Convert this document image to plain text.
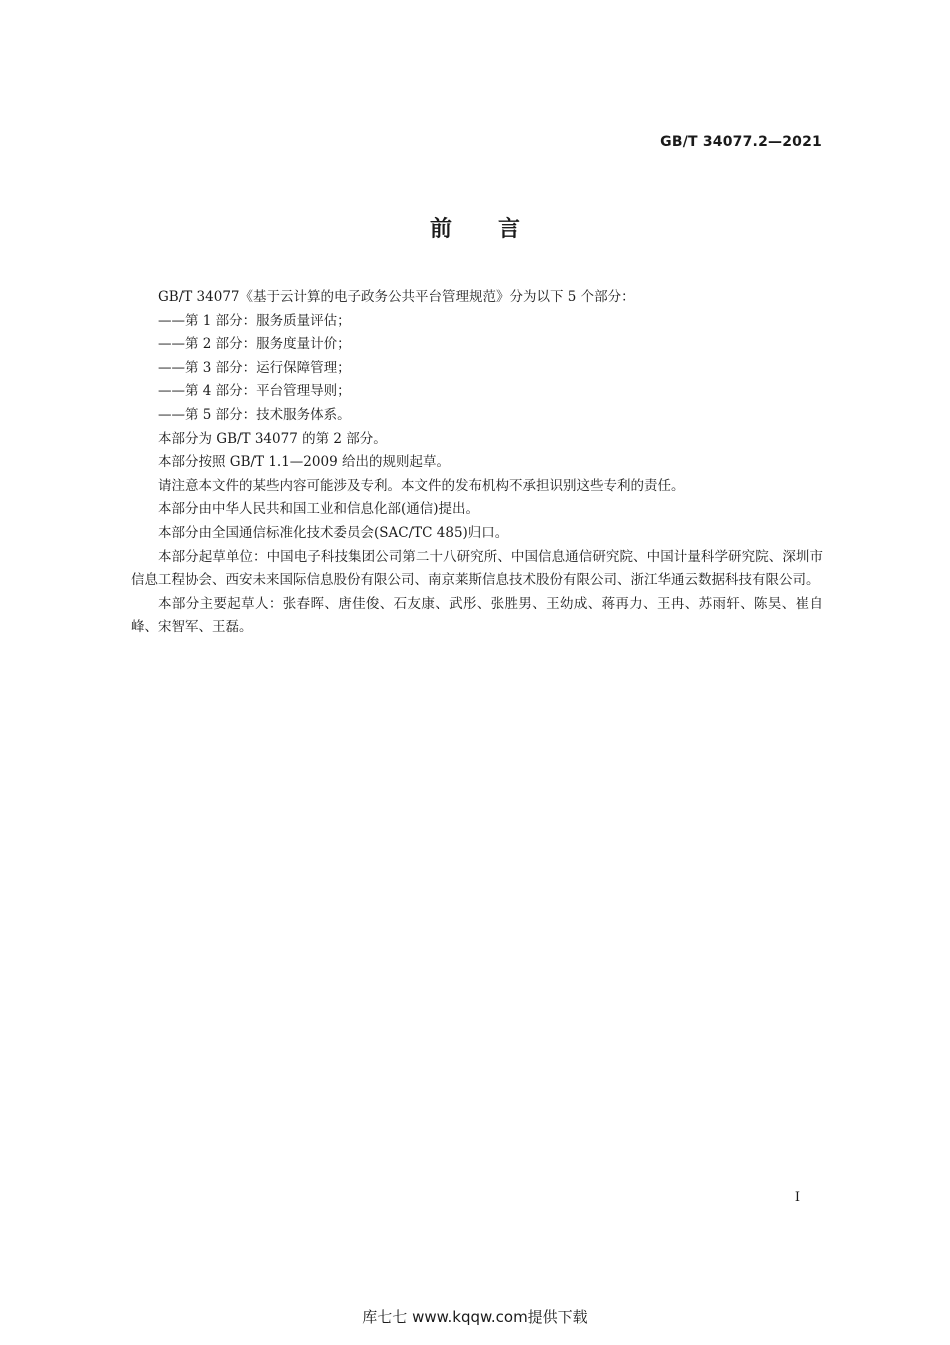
GB/T 34077.2—2021
前言

GB/T 34077《基于云计算的电子政务公共平台管理规范》分为以下 5 个部分：

——第 1 部分：服务质量评估；

——第 2 部分：服务度量计价；

——第 3 部分：运行保障管理；

——第 4 部分：平台管理导则；

——第 5 部分：技术服务体系。

本部分为 GB/T 34077 的第 2 部分。

本部分按照 GB/T 1.1—2009 给出的规则起草。

请注意本文件的某些内容可能涉及专利。本文件的发布机构不承担识别这些专利的责任。

本部分由中华人民共和国工业和信息化部(通信)提出。

本部分由全国通信标准化技术委员会(SAC/TC 485)归口。

本部分起草单位：中国电子科技集团公司第二十八研究所、中国信息通信研究院、中国计量科学研究院、深圳市信息工程协会、西安未来国际信息股份有限公司、南京莱斯信息技术股份有限公司、浙江华通云数据科技有限公司。

本部分主要起草人：张春晖、唐佳俊、石友康、武彤、张胜男、王幼成、蒋再力、王冉、苏雨轩、陈昊、崔自峰、宋智军、王磊。

I
库七七 www.kqqw.com提供下载
